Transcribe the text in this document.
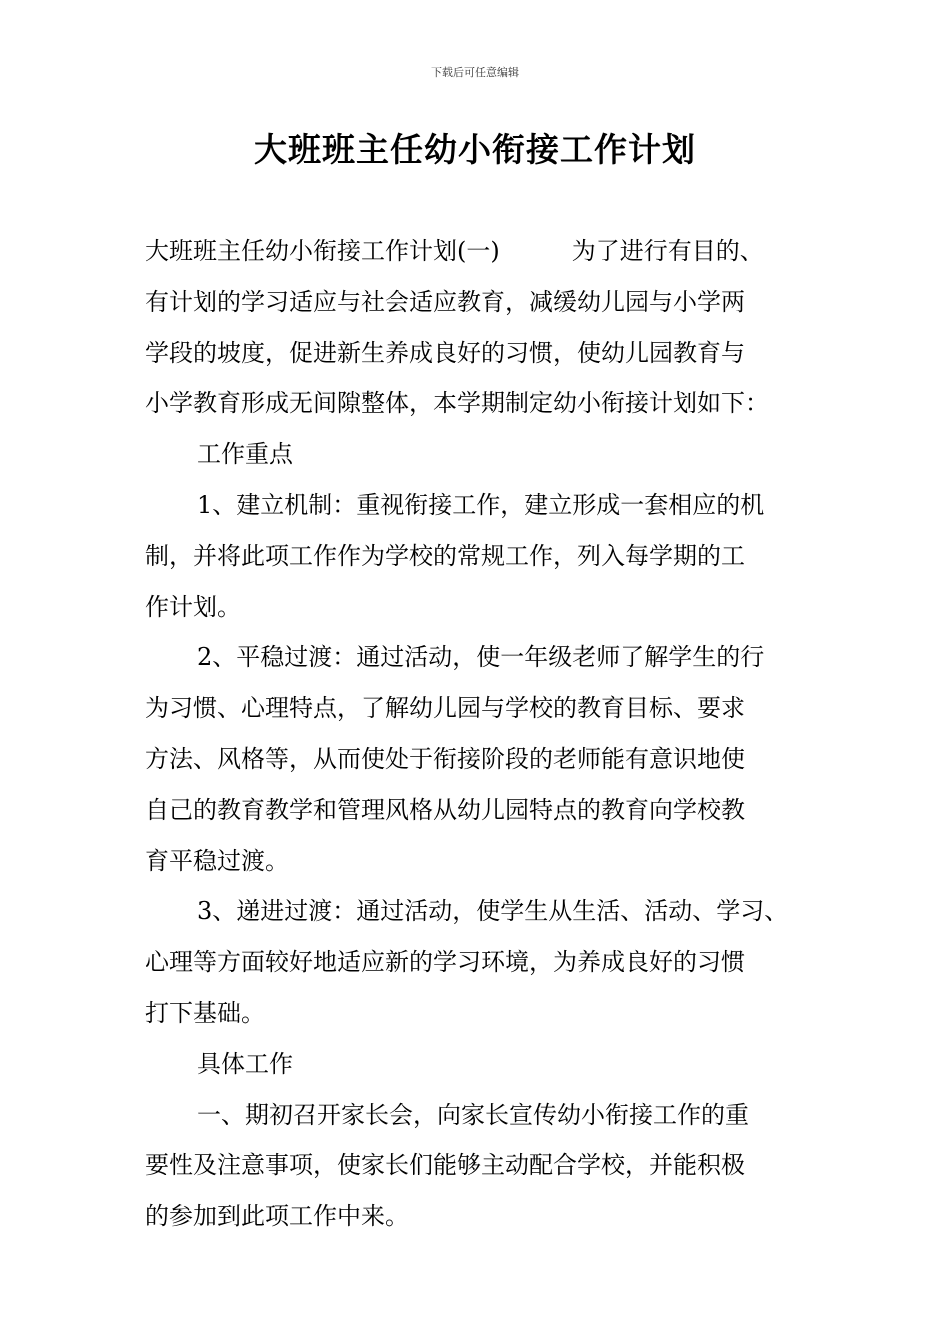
下载后可任意编辑
大班班主任幼小衔接工作计划
大班班主任幼小衔接工作计划(一)　　　为了进行有目的、
有计划的学习适应与社会适应教育，减缓幼儿园与小学两
学段的坡度，促进新生养成良好的习惯，使幼儿园教育与
小学教育形成无间隙整体，本学期制定幼小衔接计划如下：
工作重点
1、建立机制：重视衔接工作，建立形成一套相应的机
制，并将此项工作作为学校的常规工作，列入每学期的工
作计划。
2、平稳过渡：通过活动，使一年级老师了解学生的行
为习惯、心理特点，了解幼儿园与学校的教育目标、要求
方法、风格等，从而使处于衔接阶段的老师能有意识地使
自己的教育教学和管理风格从幼儿园特点的教育向学校教
育平稳过渡。
3、递进过渡：通过活动，使学生从生活、活动、学习、
心理等方面较好地适应新的学习环境，为养成良好的习惯
打下基础。
具体工作
一、期初召开家长会，向家长宣传幼小衔接工作的重
要性及注意事项，使家长们能够主动配合学校，并能积极
的参加到此项工作中来。
